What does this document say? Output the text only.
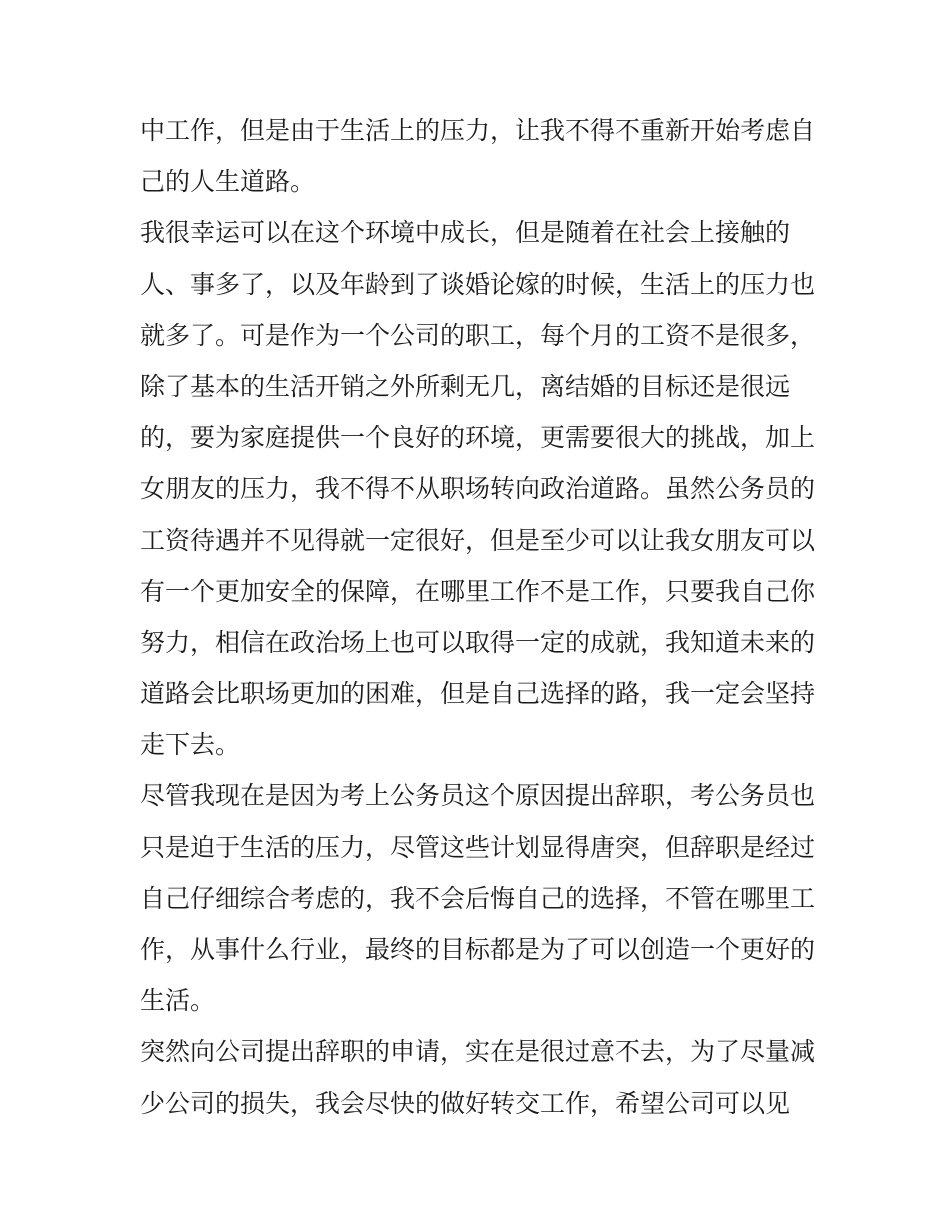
中工作，但是由于生活上的压力，让我不得不重新开始考虑自
己的人生道路。
我很幸运可以在这个环境中成长，但是随着在社会上接触的
人、事多了，以及年龄到了谈婚论嫁的时候，生活上的压力也
就多了。可是作为一个公司的职工，每个月的工资不是很多，
除了基本的生活开销之外所剩无几，离结婚的目标还是很远
的，要为家庭提供一个良好的环境，更需要很大的挑战，加上
女朋友的压力，我不得不从职场转向政治道路。虽然公务员的
工资待遇并不见得就一定很好，但是至少可以让我女朋友可以
有一个更加安全的保障，在哪里工作不是工作，只要我自己你
努力，相信在政治场上也可以取得一定的成就，我知道未来的
道路会比职场更加的困难，但是自己选择的路，我一定会坚持
走下去。
尽管我现在是因为考上公务员这个原因提出辞职，考公务员也
只是迫于生活的压力，尽管这些计划显得唐突，但辞职是经过
自己仔细综合考虑的，我不会后悔自己的选择，不管在哪里工
作，从事什么行业，最终的目标都是为了可以创造一个更好的
生活。
突然向公司提出辞职的申请，实在是很过意不去，为了尽量减
少公司的损失，我会尽快的做好转交工作，希望公司可以见
